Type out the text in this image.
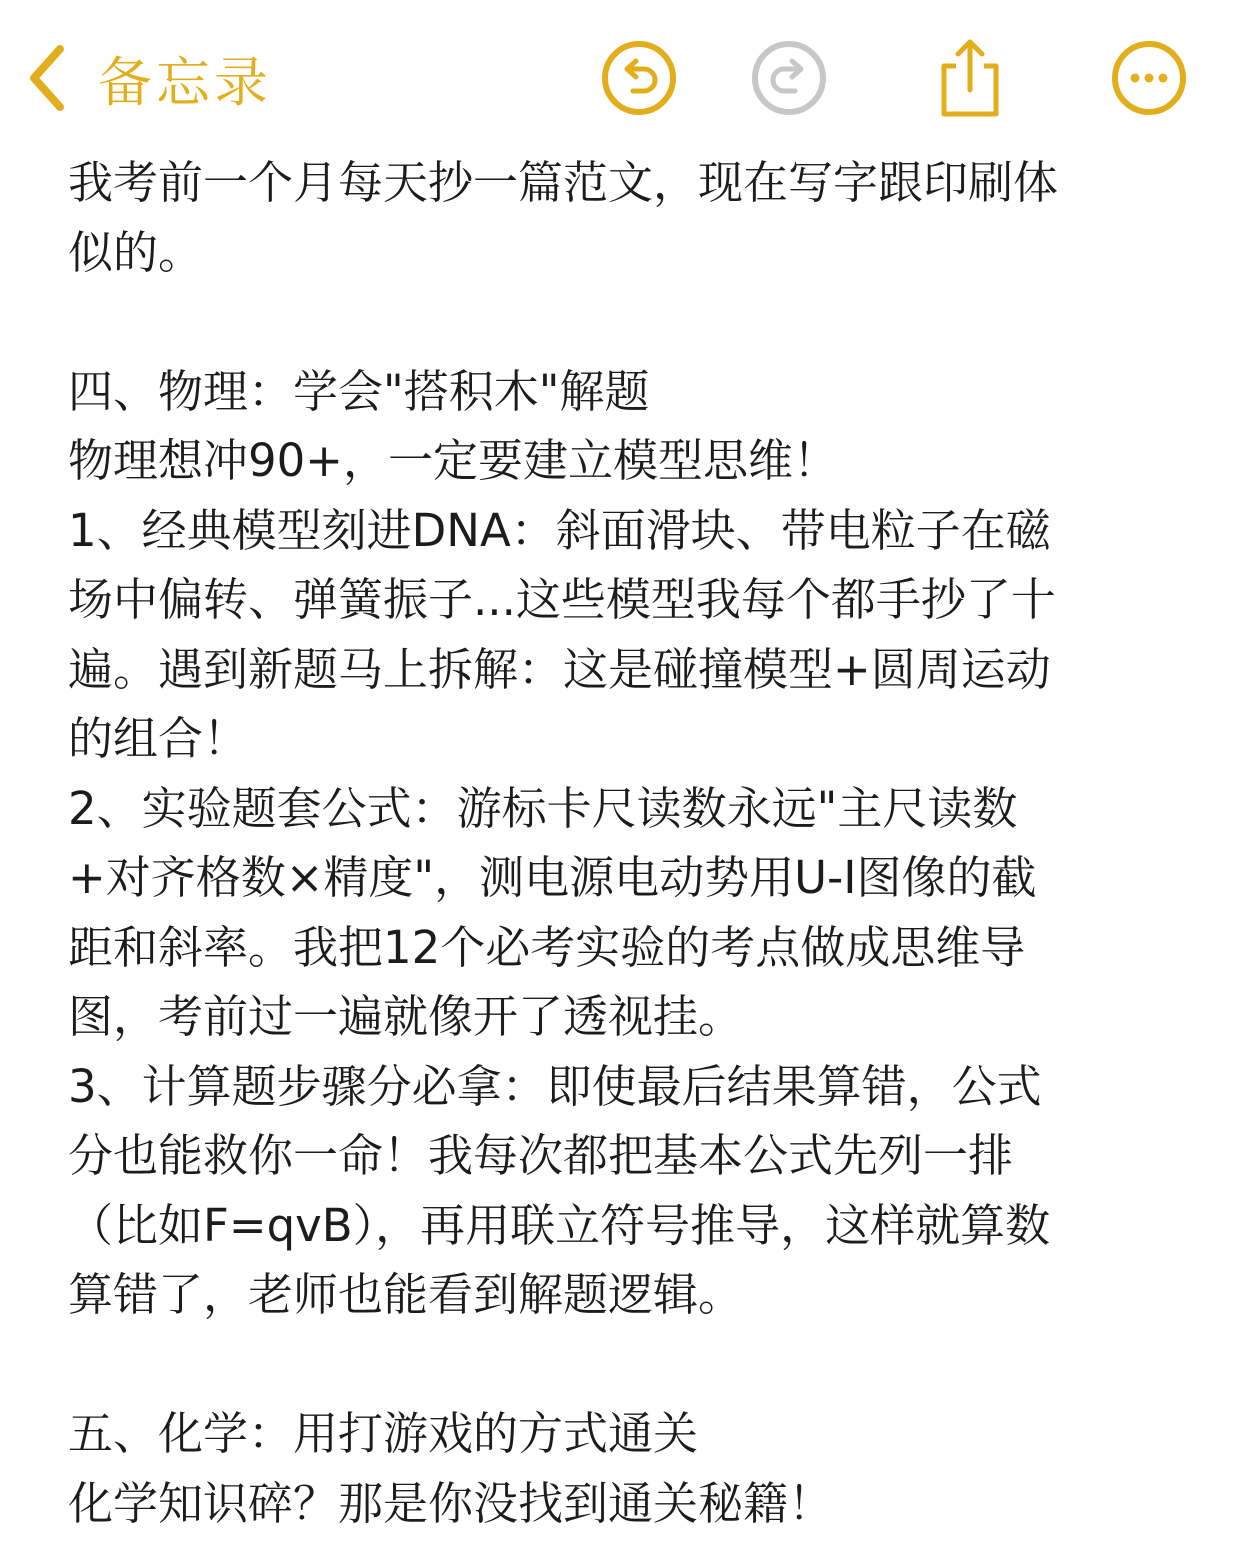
备忘录
我考前一个月每天抄一篇范文，现在写字跟印刷体
似的。
四、物理：学会"搭积木"解题
物理想冲90+，一定要建立模型思维！
1、经典模型刻进DNA：斜面滑块、带电粒子在磁
场中偏转、弹簧振子...这些模型我每个都手抄了十
遍。遇到新题马上拆解：这是碰撞模型+圆周运动
的组合！
2、实验题套公式：游标卡尺读数永远"主尺读数
+对齐格数×精度"，测电源电动势用U-I图像的截
距和斜率。我把12个必考实验的考点做成思维导
图，考前过一遍就像开了透视挂。
3、计算题步骤分必拿：即使最后结果算错，公式
分也能救你一命！我每次都把基本公式先列一排
（比如F=qvB），再用联立符号推导，这样就算数
算错了，老师也能看到解题逻辑。
五、化学：用打游戏的方式通关
化学知识碎？那是你没找到通关秘籍！
